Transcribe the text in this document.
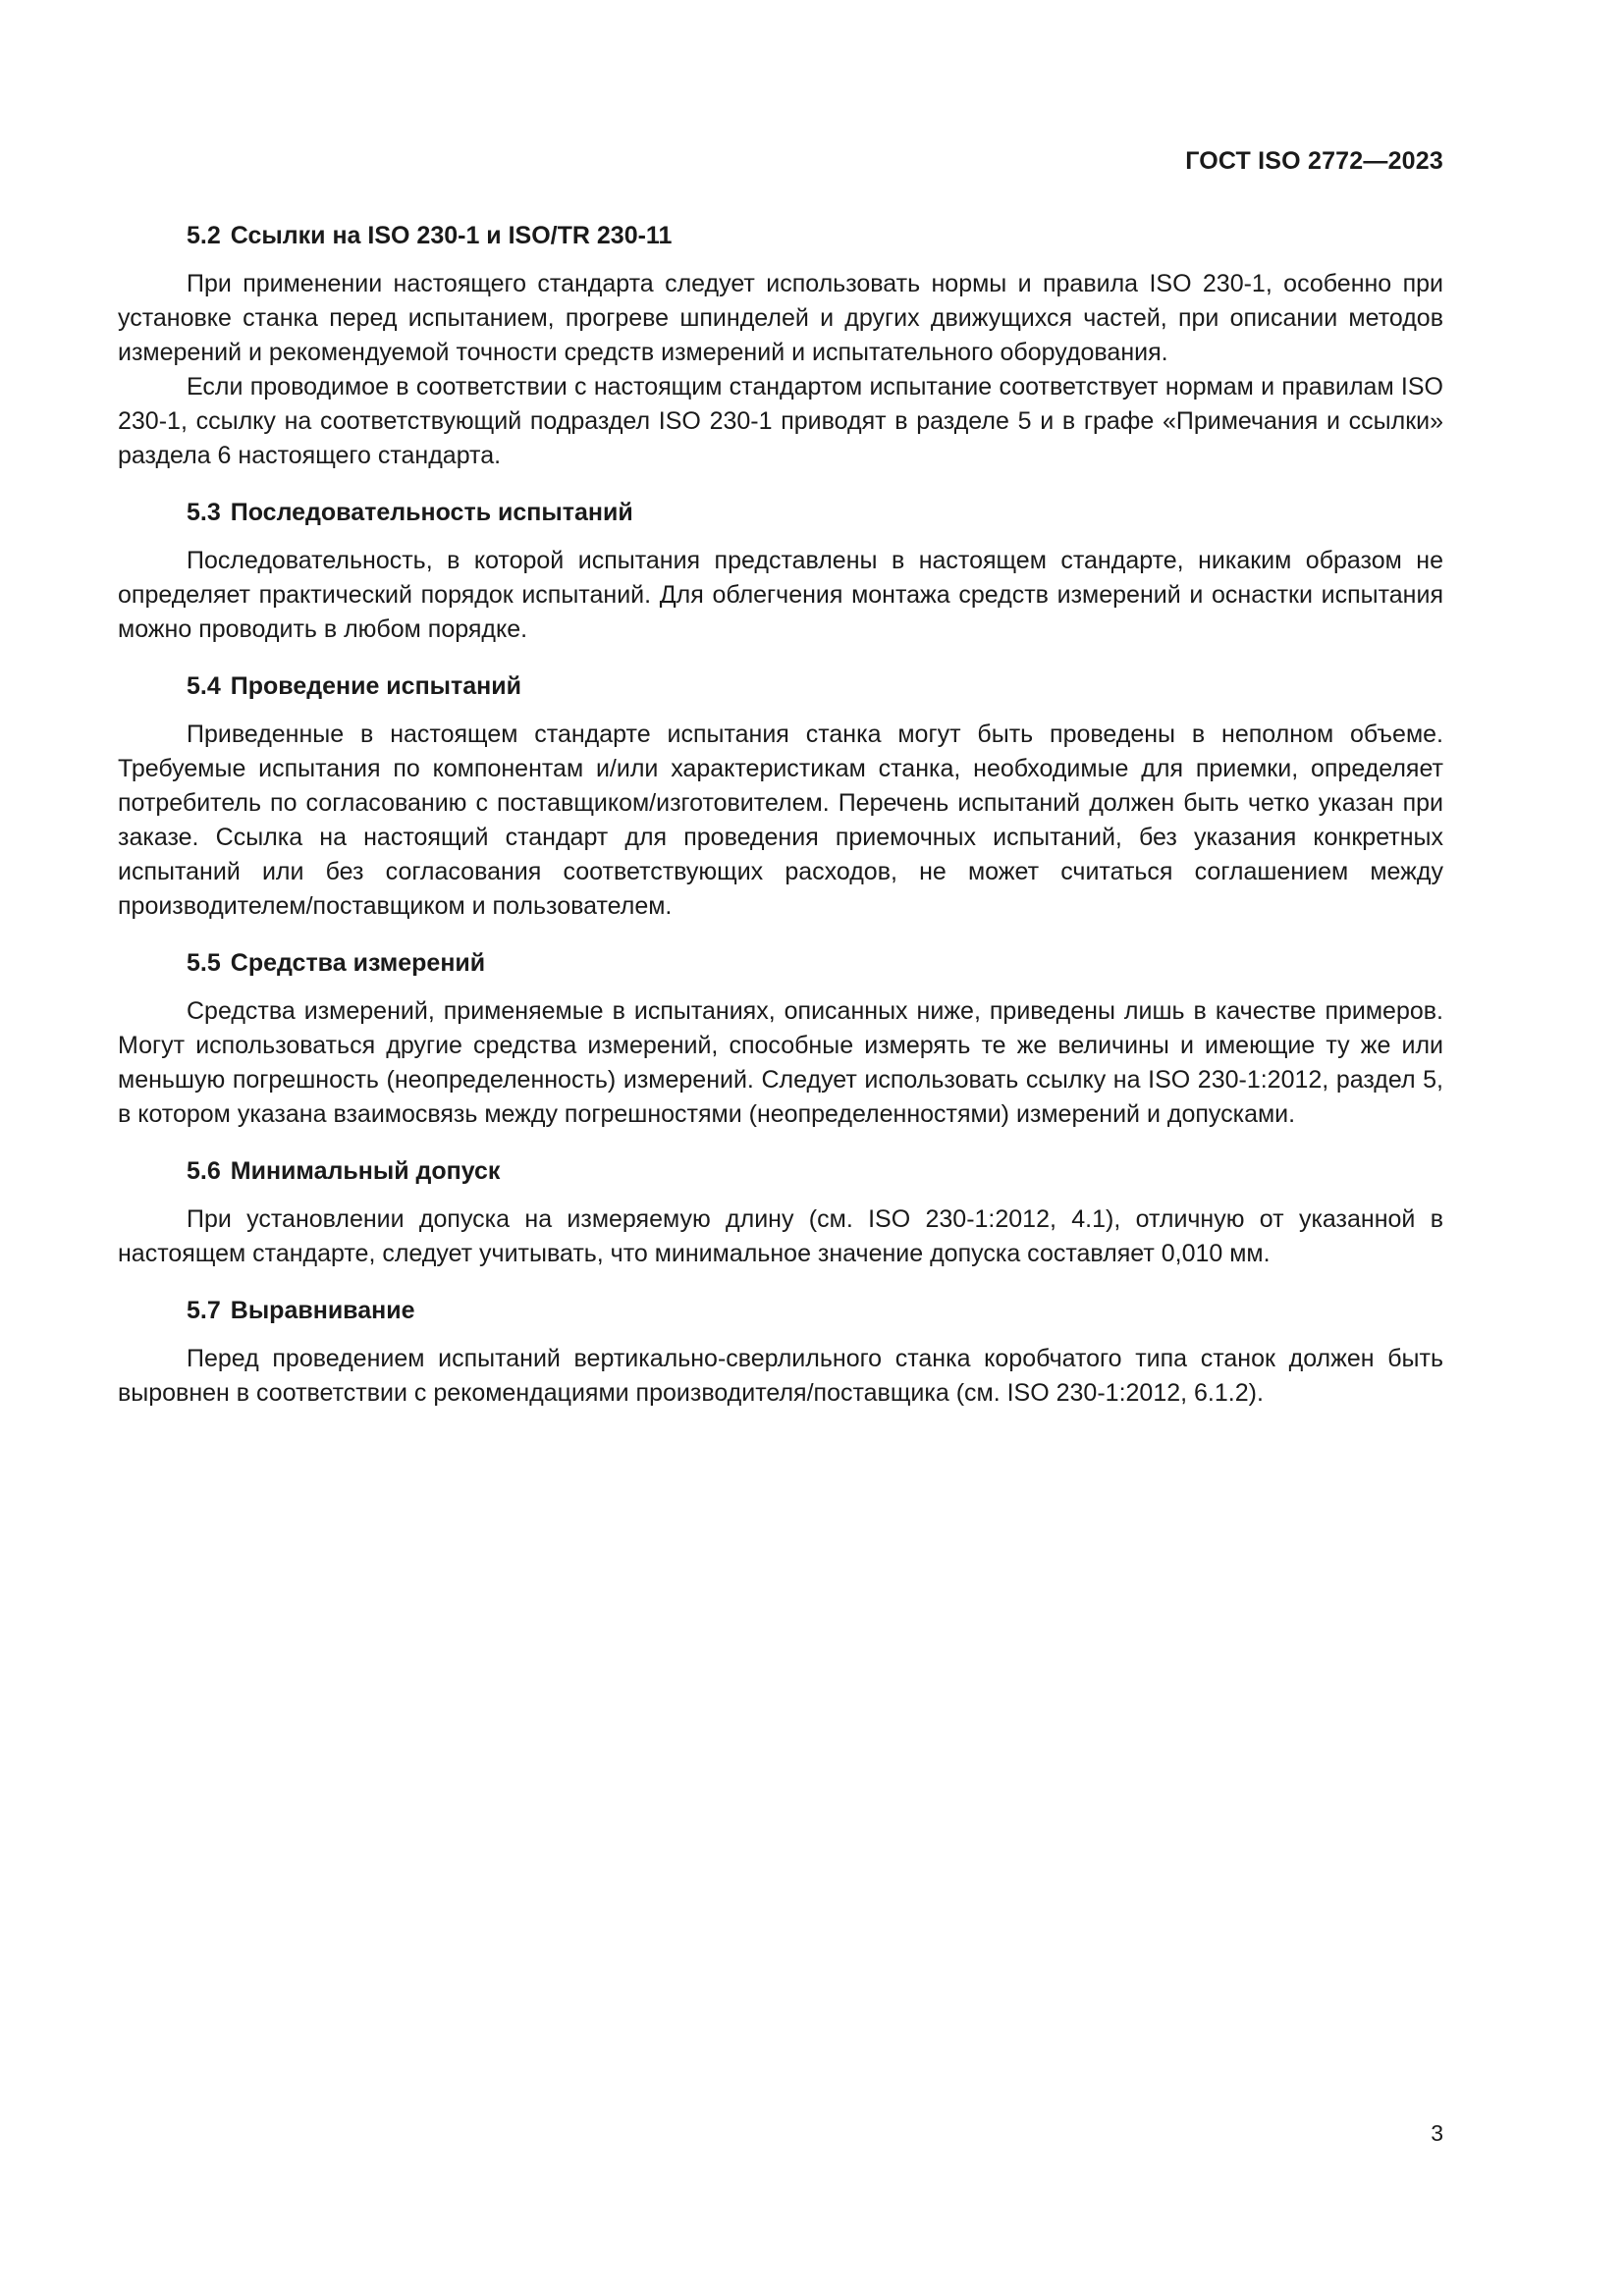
ГОСТ ISO 2772—2023

5.2 Ссылки на ISO 230-1 и ISO/TR 230-11

При применении настоящего стандарта следует использовать нормы и правила ISO 230-1, особенно при установке станка перед испытанием, прогреве шпинделей и других движущихся частей, при описании методов измерений и рекомендуемой точности средств измерений и испытательного оборудования.

Если проводимое в соответствии с настоящим стандартом испытание соответствует нормам и правилам ISO 230-1, ссылку на соответствующий подраздел ISO 230-1 приводят в разделе 5 и в графе «Примечания и ссылки» раздела 6 настоящего стандарта.

5.3 Последовательность испытаний

Последовательность, в которой испытания представлены в настоящем стандарте, никаким образом не определяет практический порядок испытаний. Для облегчения монтажа средств измерений и оснастки испытания можно проводить в любом порядке.

5.4 Проведение испытаний

Приведенные в настоящем стандарте испытания станка могут быть проведены в неполном объеме. Требуемые испытания по компонентам и/или характеристикам станка, необходимые для приемки, определяет потребитель по согласованию с поставщиком/изготовителем. Перечень испытаний должен быть четко указан при заказе. Ссылка на настоящий стандарт для проведения приемочных испытаний, без указания конкретных испытаний или без согласования соответствующих расходов, не может считаться соглашением между производителем/поставщиком и пользователем.

5.5 Средства измерений

Средства измерений, применяемые в испытаниях, описанных ниже, приведены лишь в качестве примеров. Могут использоваться другие средства измерений, способные измерять те же величины и имеющие ту же или меньшую погрешность (неопределенность) измерений. Следует использовать ссылку на ISO 230-1:2012, раздел 5, в котором указана взаимосвязь между погрешностями (неопределенностями) измерений и допусками.

5.6 Минимальный допуск

При установлении допуска на измеряемую длину (см. ISO 230-1:2012, 4.1), отличную от указанной в настоящем стандарте, следует учитывать, что минимальное значение допуска составляет 0,010 мм.

5.7 Выравнивание

Перед проведением испытаний вертикально-сверлильного станка коробчатого типа станок должен быть выровнен в соответствии с рекомендациями производителя/поставщика (см. ISO 230-1:2012, 6.1.2).

3
